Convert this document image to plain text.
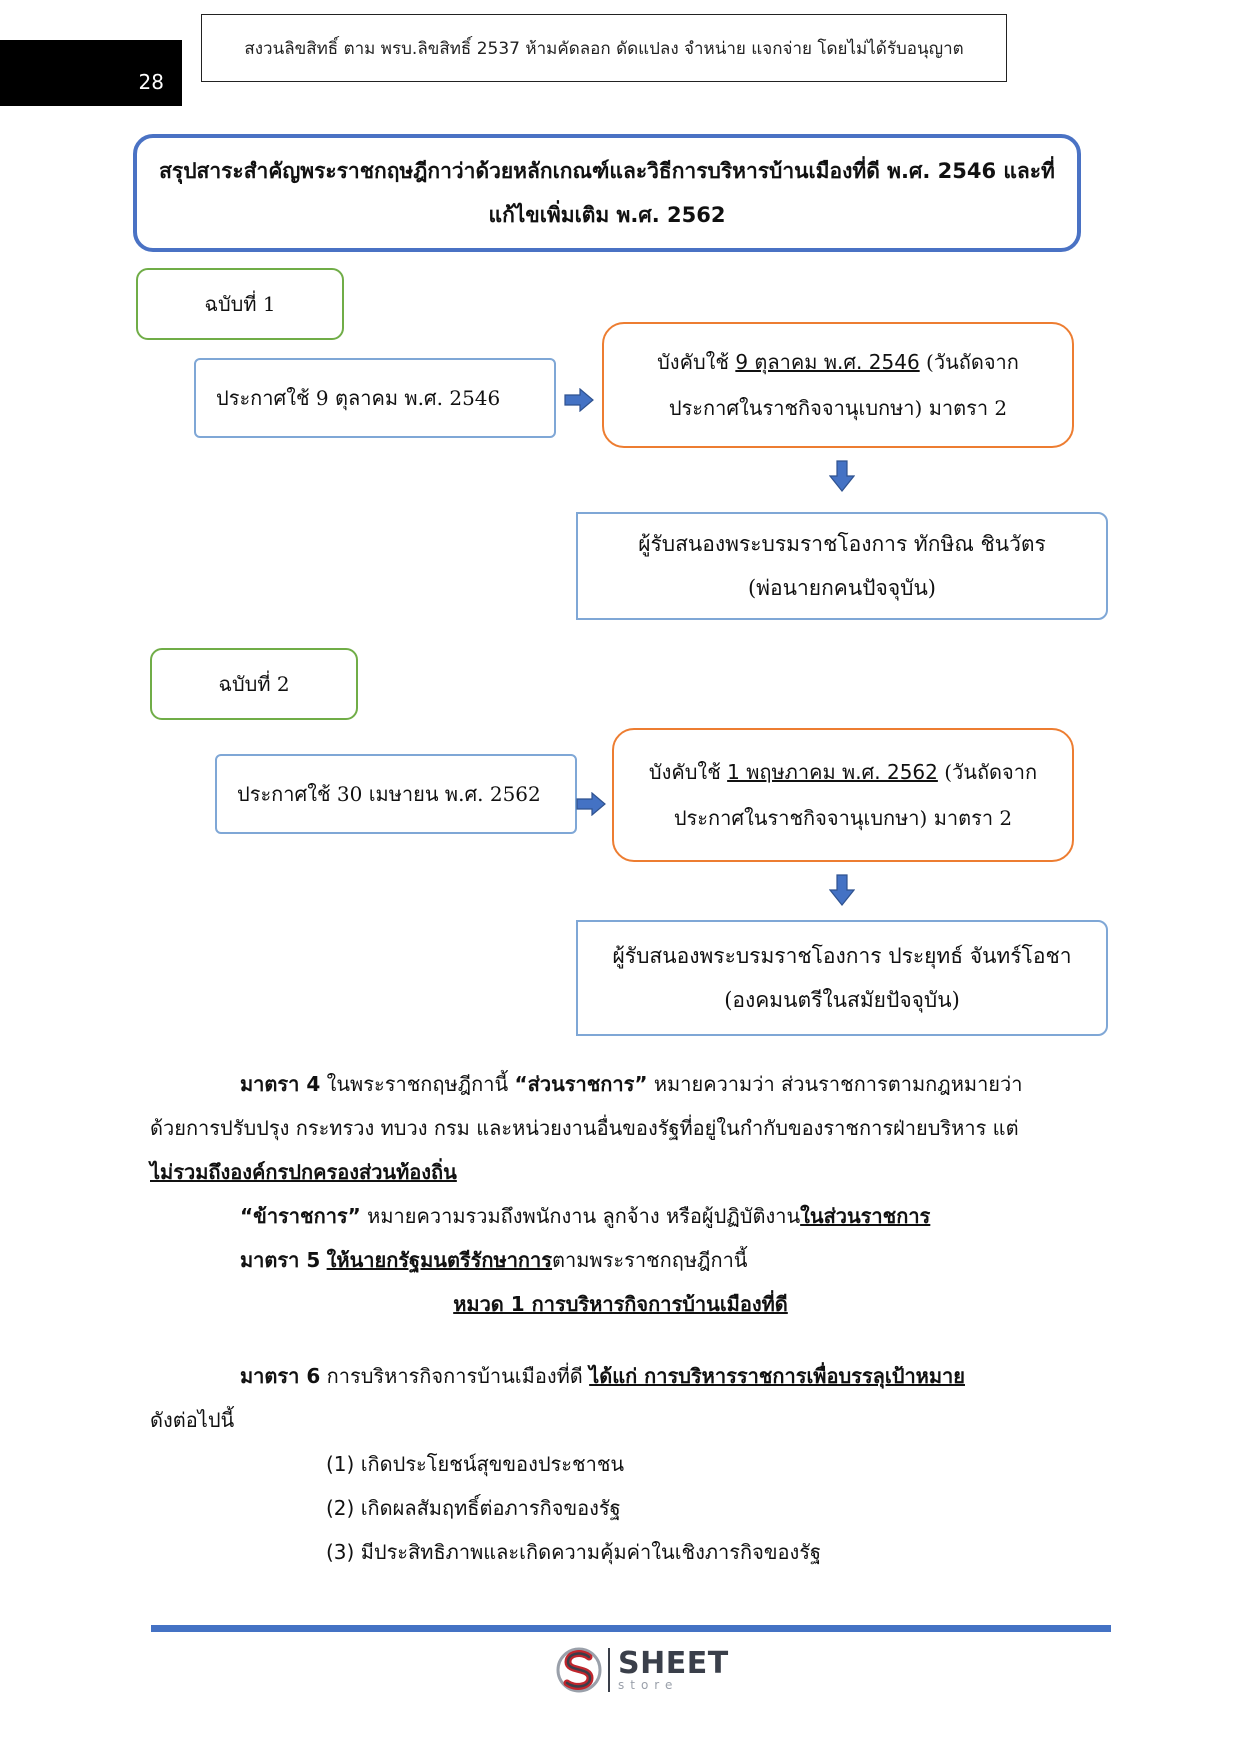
28
สงวนลิขสิทธิ์ ตาม พรบ.ลิขสิทธิ์ 2537 ห้ามคัดลอก ดัดแปลง จำหน่าย แจกจ่าย โดยไม่ได้รับอนุญาต
สรุปสาระสำคัญพระราชกฤษฎีกาว่าด้วยหลักเกณฑ์และวิธีการบริหารบ้านเมืองที่ดี พ.ศ. 2546 และที่
แก้ไขเพิ่มเติม พ.ศ. 2562
ฉบับที่ 1
ประกาศใช้ 9 ตุลาคม พ.ศ. 2546
บังคับใช้ 9 ตุลาคม พ.ศ. 2546 (วันถัดจาก
ประกาศในราชกิจจานุเบกษา) มาตรา 2
ผู้รับสนองพระบรมราชโองการ ทักษิณ ชินวัตร
(พ่อนายกคนปัจจุบัน)
ฉบับที่ 2
ประกาศใช้ 30 เมษายน พ.ศ. 2562
บังคับใช้ 1 พฤษภาคม พ.ศ. 2562 (วันถัดจาก
ประกาศในราชกิจจานุเบกษา) มาตรา 2
ผู้รับสนองพระบรมราชโองการ ประยุทธ์ จันทร์โอชา
(องคมนตรีในสมัยปัจจุบัน)
มาตรา 4 ในพระราชกฤษฎีกานี้ “ส่วนราชการ” หมายความว่า ส่วนราชการตามกฎหมายว่า
ด้วยการปรับปรุง กระทรวง ทบวง กรม และหน่วยงานอื่นของรัฐที่อยู่ในกำกับของราชการฝ่ายบริหาร แต่
ไม่รวมถึงองค์กรปกครองส่วนท้องถิ่น
“ข้าราชการ” หมายความรวมถึงพนักงาน ลูกจ้าง หรือผู้ปฏิบัติงานในส่วนราชการ
มาตรา 5 ให้นายกรัฐมนตรีรักษาการตามพระราชกฤษฎีกานี้
หมวด 1 การบริหารกิจการบ้านเมืองที่ดี
มาตรา 6 การบริหารกิจการบ้านเมืองที่ดี ได้แก่ การบริหารราชการเพื่อบรรลุเป้าหมาย
ดังต่อไปนี้
(1) เกิดประโยชน์สุขของประชาชน
(2) เกิดผลสัมฤทธิ์ต่อภารกิจของรัฐ
(3) มีประสิทธิภาพและเกิดความคุ้มค่าในเชิงภารกิจของรัฐ
SHEET
store
